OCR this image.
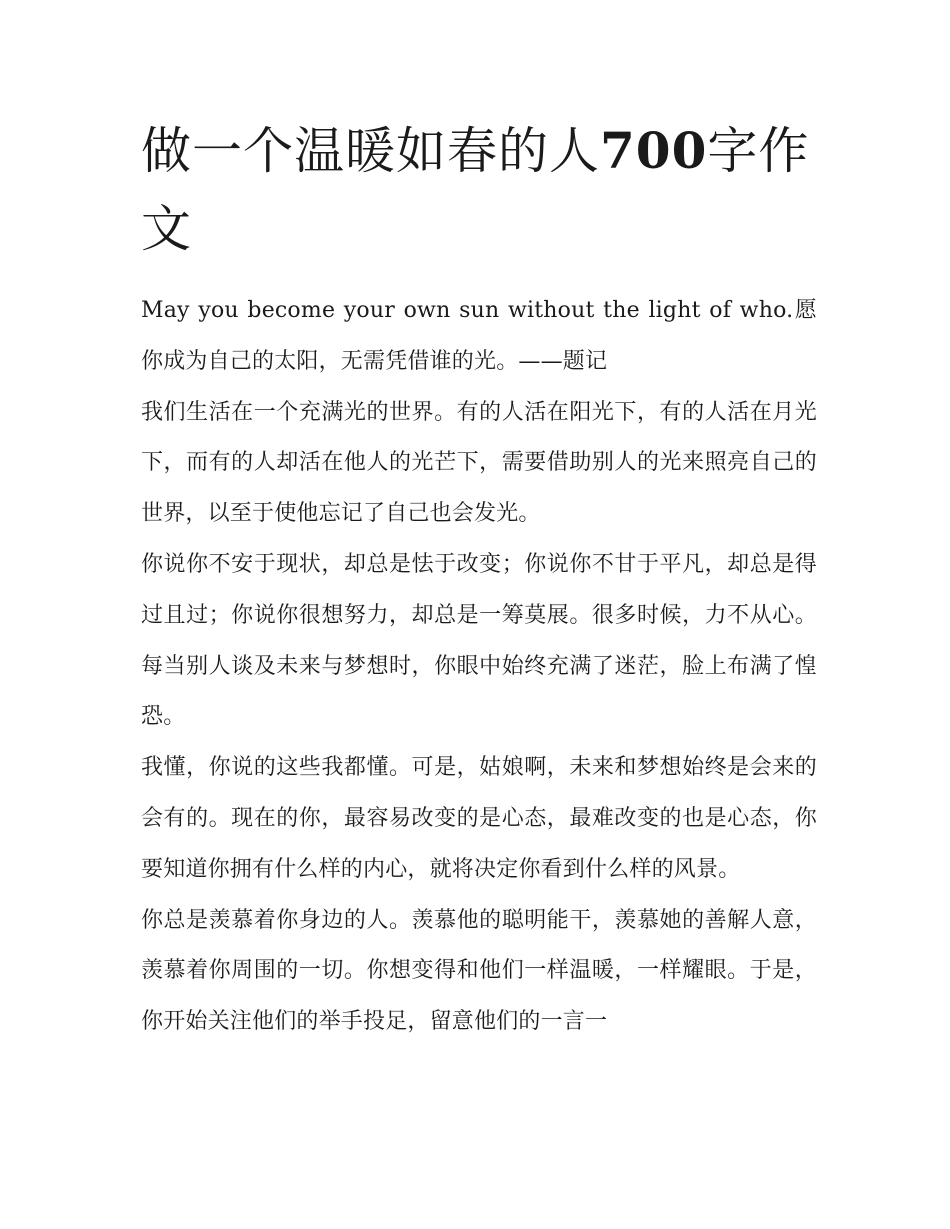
做一个温暖如春的人700字作文

May you become your own sun without the light of who.愿你成为自己的太阳，无需凭借谁的光。——题记

我们生活在一个充满光的世界。有的人活在阳光下，有的人活在月光下，而有的人却活在他人的光芒下，需要借助别人的光来照亮自己的世界，以至于使他忘记了自己也会发光。

你说你不安于现状，却总是怯于改变；你说你不甘于平凡，却总是得过且过；你说你很想努力，却总是一筹莫展。很多时候，力不从心。每当别人谈及未来与梦想时，你眼中始终充满了迷茫，脸上布满了惶恐。

我懂，你说的这些我都懂。可是，姑娘啊，未来和梦想始终是会来的会有的。现在的你，最容易改变的是心态，最难改变的也是心态，你要知道你拥有什么样的内心，就将决定你看到什么样的风景。

你总是羡慕着你身边的人。羡慕他的聪明能干，羡慕她的善解人意，羡慕着你周围的一切。你想变得和他们一样温暖，一样耀眼。于是，你开始关注他们的举手投足，留意他们的一言一
